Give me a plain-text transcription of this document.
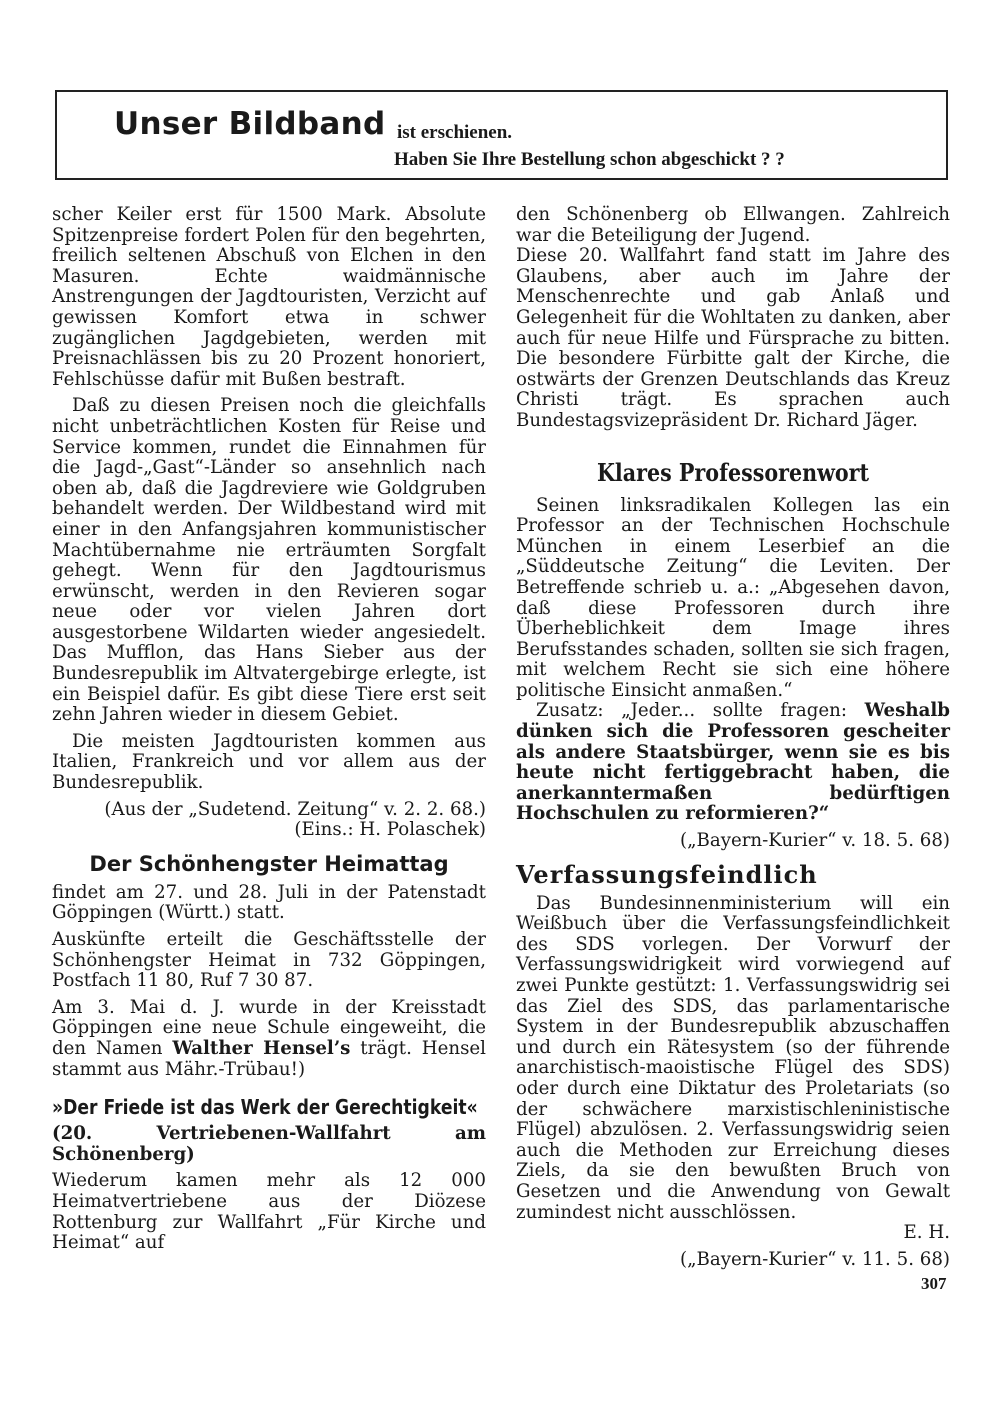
Unser Bildband ist erschienen.
Haben Sie Ihre Bestellung schon abgeschickt ? ?

scher Keiler erst für 1500 Mark. Absolute Spitzenpreise fordert Polen für den begehrten, freilich seltenen Abschuß von Elchen in den Masuren. Echte waidmännische Anstrengungen der Jagdtouristen, Verzicht auf gewissen Komfort etwa in schwer zugänglichen Jagdgebieten, werden mit Preisnachlässen bis zu 20 Prozent honoriert, Fehlschüsse dafür mit Bußen bestraft.

Daß zu diesen Preisen noch die gleichfalls nicht unbeträchtlichen Kosten für Reise und Service kommen, rundet die Einnahmen für die Jagd-„Gast“-Länder so ansehnlich nach oben ab, daß die Jagdreviere wie Goldgruben behandelt werden. Der Wildbestand wird mit einer in den Anfangsjahren kommunistischer Machtübernahme nie erträumten Sorgfalt gehegt. Wenn für den Jagdtourismus erwünscht, werden in den Revieren sogar neue oder vor vielen Jahren dort ausgestorbene Wildarten wieder angesiedelt. Das Mufflon, das Hans Sieber aus der Bundesrepublik im Altvatergebirge erlegte, ist ein Beispiel dafür. Es gibt diese Tiere erst seit zehn Jahren wieder in diesem Gebiet.

Die meisten Jagdtouristen kommen aus Italien, Frankreich und vor allem aus der Bundesrepublik.

(Aus der „Sudetend. Zeitung“ v. 2. 2. 68.)

(Eins.: H. Polaschek)

Der Schönhengster Heimattag

findet am 27. und 28. Juli in der Patenstadt Göppingen (Württ.) statt.

Auskünfte erteilt die Geschäftsstelle der Schönhengster Heimat in 732 Göppingen, Postfach 11 80, Ruf 7 30 87.

Am 3. Mai d. J. wurde in der Kreisstadt Göppingen eine neue Schule eingeweiht, die den Namen Walther Hensel’s trägt. Hensel stammt aus Mähr.-Trübau!)

»Der Friede ist das Werk der Gerechtigkeit«

(20. Vertriebenen-Wallfahrt am Schönenberg)

Wiederum kamen mehr als 12 000 Heimatvertriebene aus der Diözese Rottenburg zur Wallfahrt „Für Kirche und Heimat“ auf

den Schönenberg ob Ellwangen. Zahlreich war die Beteiligung der Jugend.

Diese 20. Wallfahrt fand statt im Jahre des Glaubens, aber auch im Jahre der Menschenrechte und gab Anlaß und Gelegenheit für die Wohltaten zu danken, aber auch für neue Hilfe und Fürsprache zu bitten. Die besondere Fürbitte galt der Kirche, die ostwärts der Grenzen Deutschlands das Kreuz Christi trägt. Es sprachen auch Bundestagsvizepräsident Dr. Richard Jäger.

Klares Professorenwort

Seinen linksradikalen Kollegen las ein Professor an der Technischen Hochschule München in einem Leserbief an die „Süddeutsche Zeitung“ die Leviten. Der Betreffende schrieb u. a.: „Abgesehen davon, daß diese Professoren durch ihre Überheblichkeit dem Image ihres Berufsstandes schaden, sollten sie sich fragen, mit welchem Recht sie sich eine höhere politische Einsicht anmaßen.“

Zusatz: „Jeder... sollte fragen: Weshalb dünken sich die Professoren gescheiter als andere Staatsbürger, wenn sie es bis heute nicht fertiggebracht haben, die anerkanntermaßen bedürftigen Hochschulen zu reformieren?“

(„Bayern-Kurier“ v. 18. 5. 68)

Verfassungsfeindlich

Das Bundesinnenministerium will ein Weißbuch über die Verfassungsfeindlichkeit des SDS vorlegen. Der Vorwurf der Verfassungswidrigkeit wird vorwiegend auf zwei Punkte gestützt: 1. Verfassungswidrig sei das Ziel des SDS, das parlamentarische System in der Bundesrepublik abzuschaffen und durch ein Rätesystem (so der führende anarchistisch-maoistische Flügel des SDS) oder durch eine Diktatur des Proletariats (so der schwächere marxistischleninistische Flügel) abzulösen. 2. Verfassungswidrig seien auch die Methoden zur Erreichung dieses Ziels, da sie den bewußten Bruch von Gesetzen und die Anwendung von Gewalt zumindest nicht ausschlössen.

E. H.

(„Bayern-Kurier“ v. 11. 5. 68)

307
